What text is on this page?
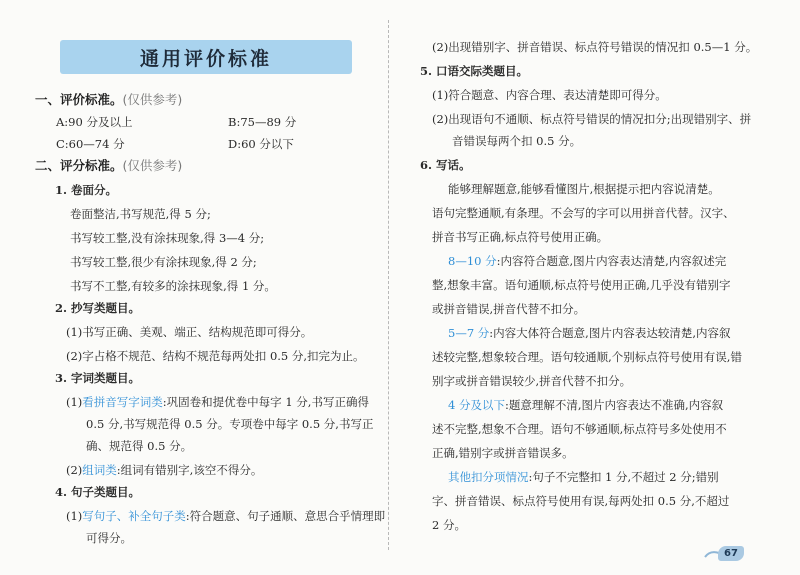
通用评价标准
一、评价标准。(仅供参考)
A:90 分及以上	B:75—89 分
C:60—74 分	D:60 分以下
二、评分标准。(仅供参考)
1. 卷面分。
卷面整洁,书写规范,得 5 分;
书写较工整,没有涂抹现象,得 3—4 分;
书写较工整,很少有涂抹现象,得 2 分;
书写不工整,有较多的涂抹现象,得 1 分。
2. 抄写类题目。
(1)书写正确、美观、端正、结构规范即可得分。
(2)字占格不规范、结构不规范每两处扣 0.5 分,扣完为止。
3. 字词类题目。
(1)看拼音写字词类:巩固卷和提优卷中每字 1 分,书写正确得
0.5 分,书写规范得 0.5 分。专项卷中每字 0.5 分,书写正
确、规范得 0.5 分。
(2)组词类:组词有错别字,该空不得分。
4. 句子类题目。
(1)写句子、补全句子类:符合题意、句子通顺、意思合乎情理即
可得分。
(2)出现错别字、拼音错误、标点符号错误的情况扣 0.5—1 分。
5. 口语交际类题目。
(1)符合题意、内容合理、表达清楚即可得分。
(2)出现语句不通顺、标点符号错误的情况扣分;出现错别字、拼
音错误每两个扣 0.5 分。
6. 写话。
能够理解题意,能够看懂图片,根据提示把内容说清楚。
语句完整通顺,有条理。不会写的字可以用拼音代替。汉字、
拼音书写正确,标点符号使用正确。
8—10 分:内容符合题意,图片内容表达清楚,内容叙述完
整,想象丰富。语句通顺,标点符号使用正确,几乎没有错别字
或拼音错误,拼音代替不扣分。
5—7 分:内容大体符合题意,图片内容表达较清楚,内容叙
述较完整,想象较合理。语句较通顺,个别标点符号使用有误,错
别字或拼音错误较少,拼音代替不扣分。
4 分及以下:题意理解不清,图片内容表达不准确,内容叙
述不完整,想象不合理。语句不够通顺,标点符号多处使用不
正确,错别字或拼音错误多。
其他扣分项情况:句子不完整扣 1 分,不超过 2 分;错别
字、拼音错误、标点符号使用有误,每两处扣 0.5 分,不超过
2 分。
67
